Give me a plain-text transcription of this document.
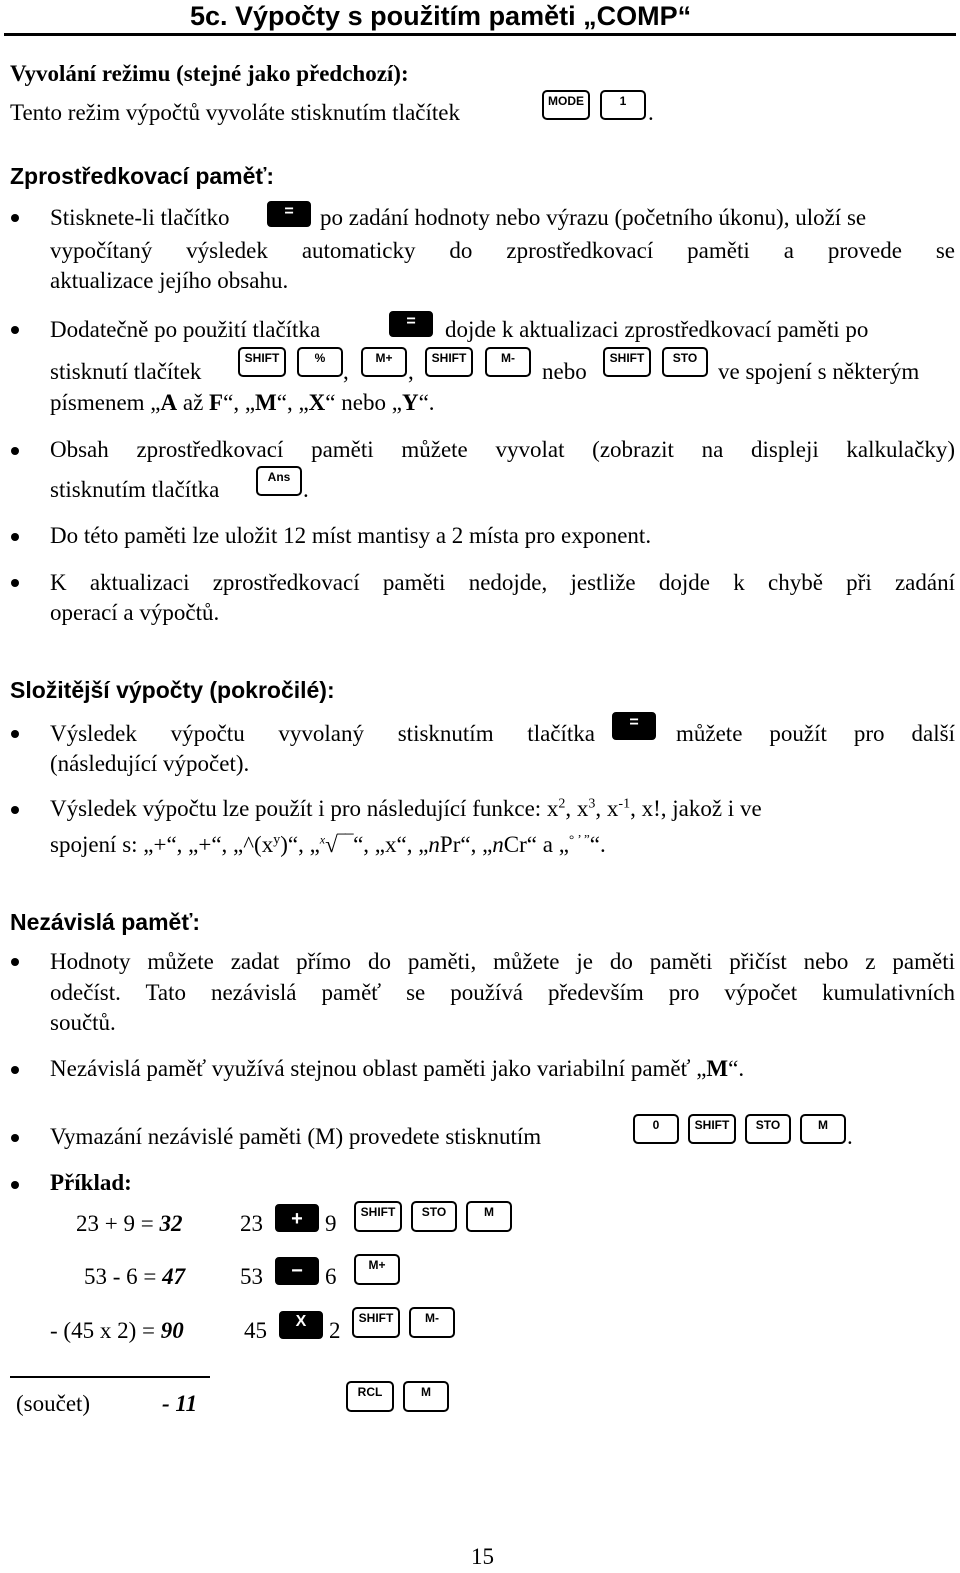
5c. Výpočty s použitím paměti „COMP“
Vyvolání režimu (stejné jako předchozí):
Tento režim výpočtů vyvoláte stisknutím tlačítek	MODE	1 .
Zprostředkovací paměť:
Stisknete-li tlačítko	=	po zadání hodnoty nebo výrazu (početního úkonu), uloží se
vypočítaný výsledek automaticky do zprostředkovací paměti a provede se
aktualizace jejího obsahu.
Dodatečně po použití tlačítka	=	dojde k aktualizaci zprostředkovací paměti po
stisknutí tlačítek
SHIFT	%
,
M+
,
SHIFT	M-
nebo
SHIFT	STO
ve spojení s některým
písmenem „A až F“, „M“, „X“ nebo „Y“.
Obsah zprostředkovací paměti můžete vyvolat (zobrazit na displeji kalkulačky)
stisknutím tlačítka	Ans .
Do této paměti lze uložit 12 míst mantisy a 2 místa pro exponent.
K aktualizaci zprostředkovací paměti nedojde, jestliže dojde k chybě při zadání
operací a výpočtů.
Složitější výpočty (pokročilé):
Výsledek výpočtu vyvolaný stisknutím tlačítka	=	můžete použít pro další
(následující výpočet).
Výsledek výpočtu lze použít i pro následující funkce: $x^2$, $x^3$, $x^{-1}$, x!, jakož i ve
spojení s: „+“, „+“, $„\^{}(x^y)“$, „$^x$√‾‾“, „x“, „nPr“, „nCr“ a „° ’ ”“.
Nezávislá paměť:
Hodnoty můžete zadat přímo do paměti, můžete je do paměti přičíst nebo z paměti
odečíst. Tato nezávislá paměť se používá především pro výpočet kumulativních
součtů.
Nezávislá paměť využívá stejnou oblast paměti jako variabilní paměť „M“.
Vymazání nezávislé paměti (M) provedete stisknutím	0	SHIFT	STO	M .
Příklad:
23 + 9 = 32	23	+ 9	SHIFT	STO	M
53 - 6 = 47 53	− 6	M+
- (45 x 2) = 90	45	X 2	SHIFT	M-
(součet)	- 11	RCL	M
15
